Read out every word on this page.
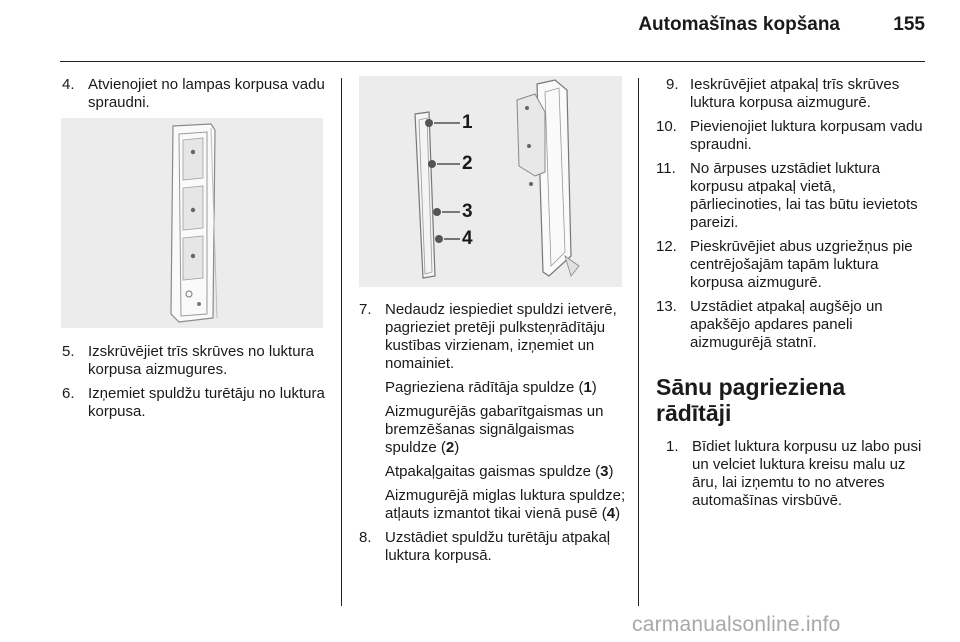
Automašīnas kopšana	155

4. Atvienojiet no lampas korpusa vadu spraudni.

5. Izskrūvējiet trīs skrūves no luktura korpusa aizmugures.

6. Izņemiet spuldžu turētāju no luktura korpusa.

1
2
3
4

7. Nedaudz iespiediet spuldzi ietverē, pagrieziet pretēji pulksteņrādītāju kustības virzienam, izņemiet un nomainiet.

Pagrieziena rādītāja spuldze (1)

Aizmugurējās gabarītgaismas un bremzēšanas signālgaismas spuldze (2)

Atpakaļgaitas gaismas spuldze (3)

Aizmugurējā miglas luktura spuldze; atļauts izmantot tikai vienā pusē (4)

8. Uzstādiet spuldžu turētāju atpakaļ luktura korpusā.

9. Ieskrūvējiet atpakaļ trīs skrūves luktura korpusa aizmugurē.

10. Pievienojiet luktura korpusam vadu spraudni.

11. No ārpuses uzstādiet luktura korpusu atpakaļ vietā, pārliecinoties, lai tas būtu ievietots pareizi.

12. Pieskrūvējiet abus uzgriežņus pie centrējošajām tapām luktura korpusa aizmugurē.

13. Uzstādiet atpakaļ augšējo un apakšējo apdares paneli aizmugurējā statnī.

Sānu pagrieziena rādītāji

1. Bīdiet luktura korpusu uz labo pusi un velciet luktura kreisu malu uz āru, lai izņemtu to no atveres automašīnas virsbūvē.

carmanualsonline.info
